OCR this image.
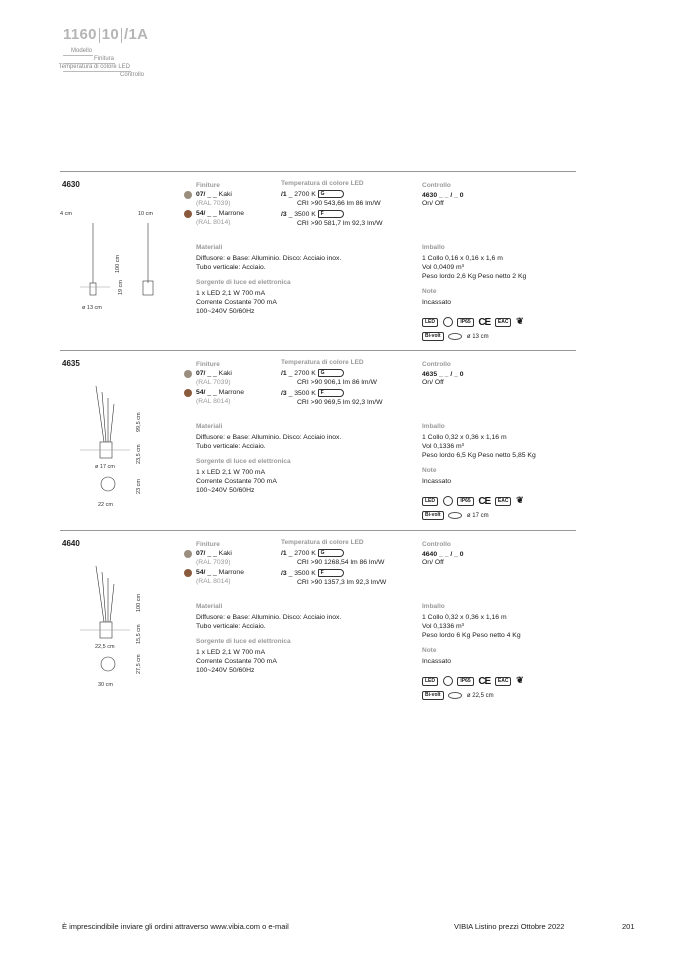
1160 10 /1A
Modello
Finitura
Temperatura di colore LED
Controllo
4630
4 cm	10 cm
100 cm
19 cm
ø 13 cm
Finiture
07/ _ _ Kaki
(RAL 7039)
54/ _ _ Marrone
(RAL 8014)
Temperatura di colore LED
/1 _ 2700 K G
CRI >90 543,66 lm 86 lm/W
/3 _ 3500 K F
CRI >90 581,7 lm 92,3 lm/W
Controllo
4630 _ _ / _ 0
On/ Off
Materiali
Diffusore: e Base: Alluminio. Disco: Acciaio inox.
Tubo verticale: Acciaio.
Sorgente di luce ed elettronica
1 x LED 2,1 W 700 mA
Corrente Costante 700 mA
100~240V 50/60Hz
Imballo
1 Collo 0,16 x 0,16 x 1,6 m
Vol 0,0409 m³
Peso lordo 2,6 Kg Peso netto 2 Kg
Note
Incassato
LED	IP65 CE EAC ❦
Bi-volt	ø 13 cm
4635
99,5 cm
23,5 cm
ø 17 cm
23 cm
22 cm
Finiture
07/ _ _ Kaki
(RAL 7039)
54/ _ _ Marrone
(RAL 8014)
Temperatura di colore LED
/1 _ 2700 K G
CRI >90 906,1 lm 86 lm/W
/3 _ 3500 K F
CRI >90 969,5 lm 92,3 lm/W
Controllo
4635 _ _ / _ 0
On/ Off
Materiali
Diffusore: e Base: Alluminio. Disco: Acciaio inox.
Tubo verticale: Acciaio.
Sorgente di luce ed elettronica
1 x LED 2,1 W 700 mA
Corrente Costante 700 mA
100~240V 50/60Hz
Imballo
1 Collo 0,32 x 0,36 x 1,16 m
Vol 0,1336 m³
Peso lordo 6,5 Kg Peso netto 5,85 Kg
Note
Incassato
LED	IP65 CE EAC ❦
Bi-volt	ø 17 cm
4640
100 cm
15,5 cm
22,5 cm
27,5 cm
30 cm
Finiture
07/ _ _ Kaki
(RAL 7039)
54/ _ _ Marrone
(RAL 8014)
Temperatura di colore LED
/1 _ 2700 K G
CRI >90 1268,54 lm 86 lm/W
/3 _ 3500 K F
CRI >90 1357,3 lm 92,3 lm/W
Controllo
4640 _ _ / _ 0
On/ Off
Materiali
Diffusore: e Base: Alluminio. Disco: Acciaio inox.
Tubo verticale: Acciaio.
Sorgente di luce ed elettronica
1 x LED 2,1 W 700 mA
Corrente Costante 700 mA
100~240V 50/60Hz
Imballo
1 Collo 0,32 x 0,36 x 1,16 m
Vol 0,1336 m³
Peso lordo 6 Kg Peso netto 4 Kg
Note
Incassato
LED	IP65 CE EAC ❦
Bi-volt	ø 22,5 cm
È imprescindibile inviare gli ordini attraverso www.vibia.com o e-mail	VIBIA Listino prezzi Ottobre 2022	201
